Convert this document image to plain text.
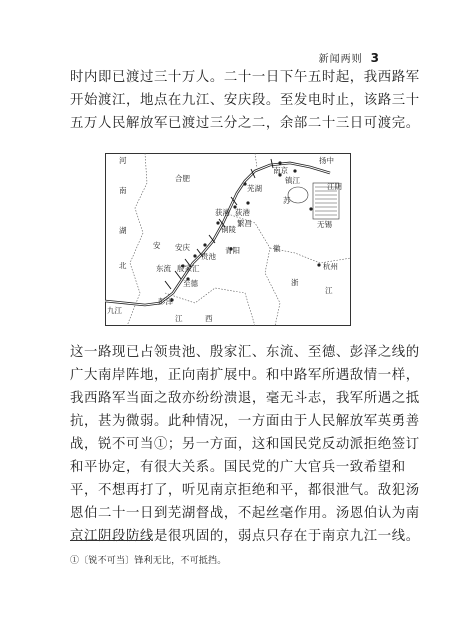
新闻两则 3
时内即已渡过三十万人。二十一日下午五时起，我西路军
开始渡江，地点在九江、安庆段。至发电时止，该路三十
五万人民解放军已渡过三分之二，余部二十三日可渡完。
河
南
湖
北
九江
合肥
安 安庆
东流 殷家汇
至德
彭泽
贵池
青阳
铜陵
繁昌
芜湖
获港 荻港
江	西
苏
南京
扬中
镇江
江阴
无锡
杭州
浙
江
徽
这一路现已占领贵池、殷家汇、东流、至德、彭泽之线的
广大南岸阵地，正向南扩展中。和中路军所遇敌情一样，
我西路军当面之敌亦纷纷溃退，毫无斗志，我军所遇之抵
抗，甚为微弱。此种情况，一方面由于人民解放军英勇善
战，锐不可当①；另一方面，这和国民党反动派拒绝签订
和平协定，有很大关系。国民党的广大官兵一致希望和
平，不想再打了，听见南京拒绝和平，都很泄气。敌犯汤
恩伯二十一日到芜湖督战，不起丝毫作用。汤恩伯认为南
京江阴段防线是很巩固的，弱点只存在于南京九江一线。
①〔锐不可当〕锋利无比，不可抵挡。
